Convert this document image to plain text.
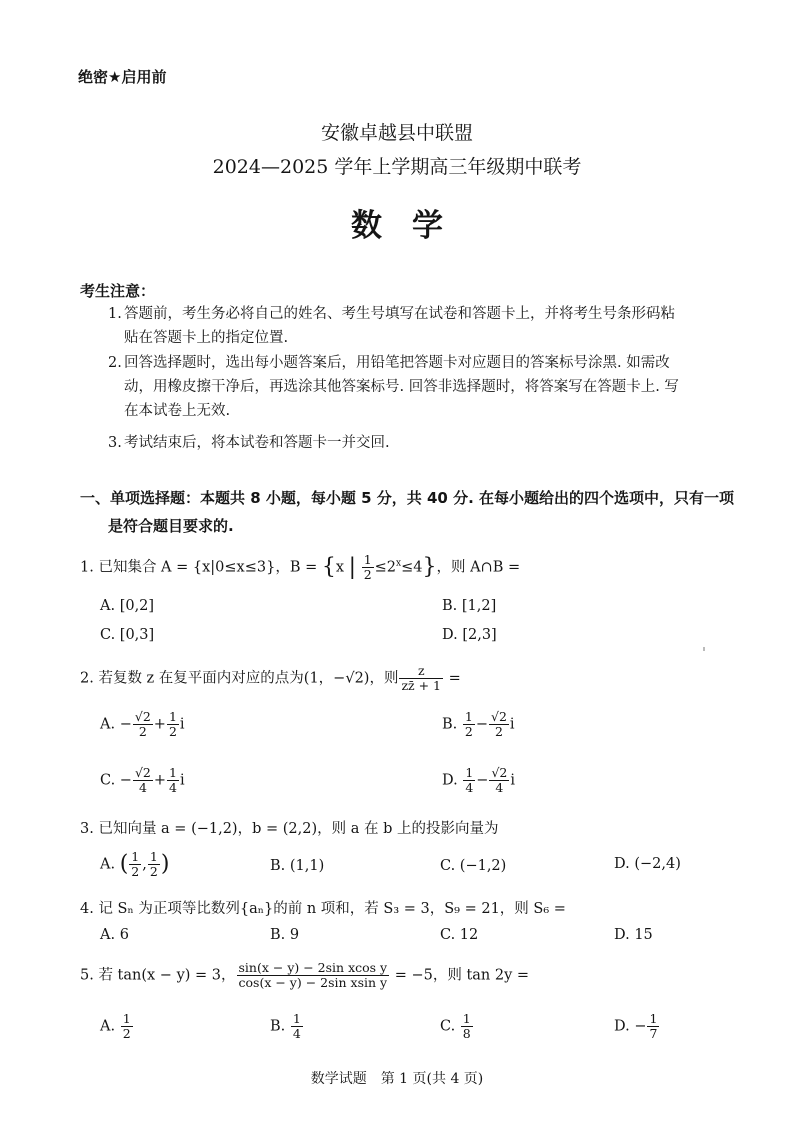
绝密★启用前
安徽卓越县中联盟
2024—2025 学年上学期高三年级期中联考
数学
考生注意：
1. 答题前，考生务必将自己的姓名、考生号填写在试卷和答题卡上，并将考生号条形码粘
贴在答题卡上的指定位置.
2. 回答选择题时，选出每小题答案后，用铅笔把答题卡对应题目的答案标号涂黑. 如需改
动，用橡皮擦干净后，再选涂其他答案标号. 回答非选择题时，将答案写在答题卡上. 写
在本试卷上无效.
3. 考试结束后，将本试卷和答题卡一并交回.
一、单项选择题：本题共 8 小题，每小题 5 分，共 40 分. 在每小题给出的四个选项中，只有一项
是符合题目要求的.
1. 已知集合 A = {x|0≤x≤3}，B = {x | $\frac{1}{2} \le 2^x\le 4$}，则 A∩B =
A. [0,2]	B. [1,2]
C. [0,3]	D. [2,3]
2. 若复数 z 在复平面内对应的点为(1，−√2)，则 $\frac{z}{zz̄ + 1}$ =
A. − $\frac{√2}{2} + \frac{1}{2}$ i	B. $\frac{1}{2} - \frac{√2}{2}$ i
C. − $\frac{√2}{4} + \frac{1}{4}$ i	D. $\frac{1}{4} - \frac{√2}{4}$ i
3. 已知向量 a = (−1,2)，b = (2,2)，则 a 在 b 上的投影向量为
A. ( $\frac{1}{2}$ , $\frac{1}{2}$ )	B. (1,1)	C. (−1,2)	D. (−2,4)
4. 记 Sₙ 为正项等比数列{aₙ}的前 n 项和，若 S₃ = 3，S₉ = 21，则 S₆ =
A. 6	B. 9	C. 12	D. 15
5. 若 tan(x − y) = 3， $\frac{\text{sin(x − y) − 2sin xcos y}}{\text{cos(x − y) − 2sin xsin y}} = -5$，则 tan 2y =
A. $\frac{1}{2}$	B. $\frac{1}{4}$	C. $\frac{1}{8}$	D. − $\frac{1}{7}$
数学试题　第 1 页(共 4 页)
